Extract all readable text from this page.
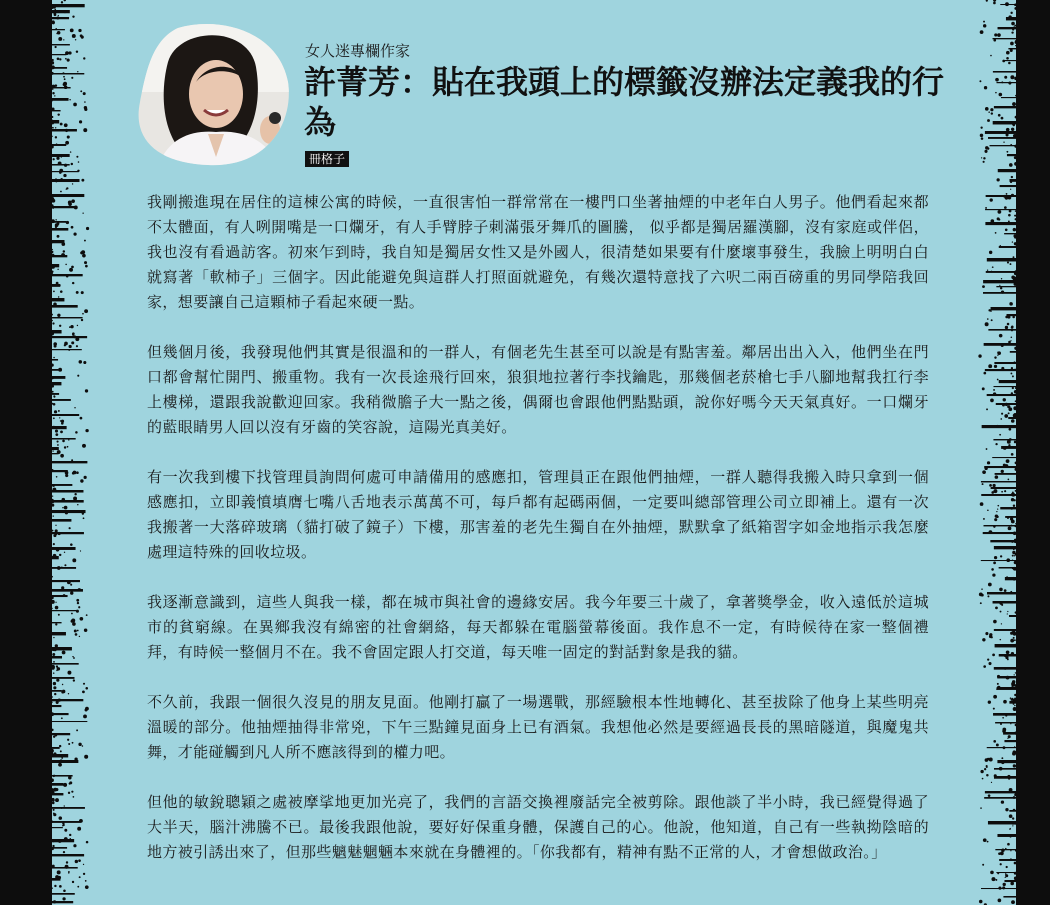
女人迷專欄作家
許菁芳：貼在我頭上的標籤沒辦法定義我的行為
冊格子

我剛搬進現在居住的這棟公寓的時候，一直很害怕一群常常在一樓門口坐著抽煙的中老年白人男子。他們看起來都不太體面，有人咧開嘴是一口爛牙，有人手臂脖子刺滿張牙舞爪的圖騰， 似乎都是獨居羅漢腳，沒有家庭或伴侶，我也沒有看過訪客。初來乍到時，我自知是獨居女性又是外國人，很清楚如果要有什麼壞事發生，我臉上明明白白就寫著「軟柿子」三個字。因此能避免與這群人打照面就避免，有幾次還特意找了六呎二兩百磅重的男同學陪我回家，想要讓自己這顆柿子看起來硬一點。

但幾個月後，我發現他們其實是很溫和的一群人，有個老先生甚至可以說是有點害羞。鄰居出出入入，他們坐在門口都會幫忙開門、搬重物。我有一次長途飛行回來，狼狽地拉著行李找鑰匙，那幾個老菸槍七手八腳地幫我扛行李上樓梯，還跟我說歡迎回家。我稍微膽子大一點之後，偶爾也會跟他們點點頭，說你好嗎今天天氣真好。一口爛牙的藍眼睛男人回以沒有牙齒的笑容說，這陽光真美好。

有一次我到樓下找管理員詢問何處可申請備用的感應扣，管理員正在跟他們抽煙，一群人聽得我搬入時只拿到一個感應扣，立即義憤填膺七嘴八舌地表示萬萬不可，每戶都有起碼兩個，一定要叫總部管理公司立即補上。還有一次我搬著一大落碎玻璃（貓打破了鏡子）下樓，那害羞的老先生獨自在外抽煙，默默拿了紙箱習字如金地指示我怎麼處理這特殊的回收垃圾。

我逐漸意識到，這些人與我一樣，都在城市與社會的邊緣安居。我今年要三十歲了，拿著獎學金，收入遠低於這城市的貧窮線。在異鄉我沒有綿密的社會網絡，每天都躲在電腦螢幕後面。我作息不一定，有時候待在家一整個禮拜，有時候一整個月不在。我不會固定跟人打交道，每天唯一固定的對話對象是我的貓。

不久前，我跟一個很久沒見的朋友見面。他剛打贏了一場選戰，那經驗根本性地轉化、甚至拔除了他身上某些明亮溫暖的部分。他抽煙抽得非常兇，下午三點鐘見面身上已有酒氣。我想他必然是要經過長長的黑暗隧道，與魔鬼共舞，才能碰觸到凡人所不應該得到的權力吧。

但他的敏銳聰穎之處被摩挲地更加光亮了，我們的言語交換裡廢話完全被剪除。跟他談了半小時，我已經覺得過了大半天，腦汁沸騰不已。最後我跟他說，要好好保重身體，保護自己的心。他說，他知道，自己有一些執拗陰暗的地方被引誘出來了，但那些魑魅魍魎本來就在身體裡的。「你我都有，精神有點不正常的人，才會想做政治。」
